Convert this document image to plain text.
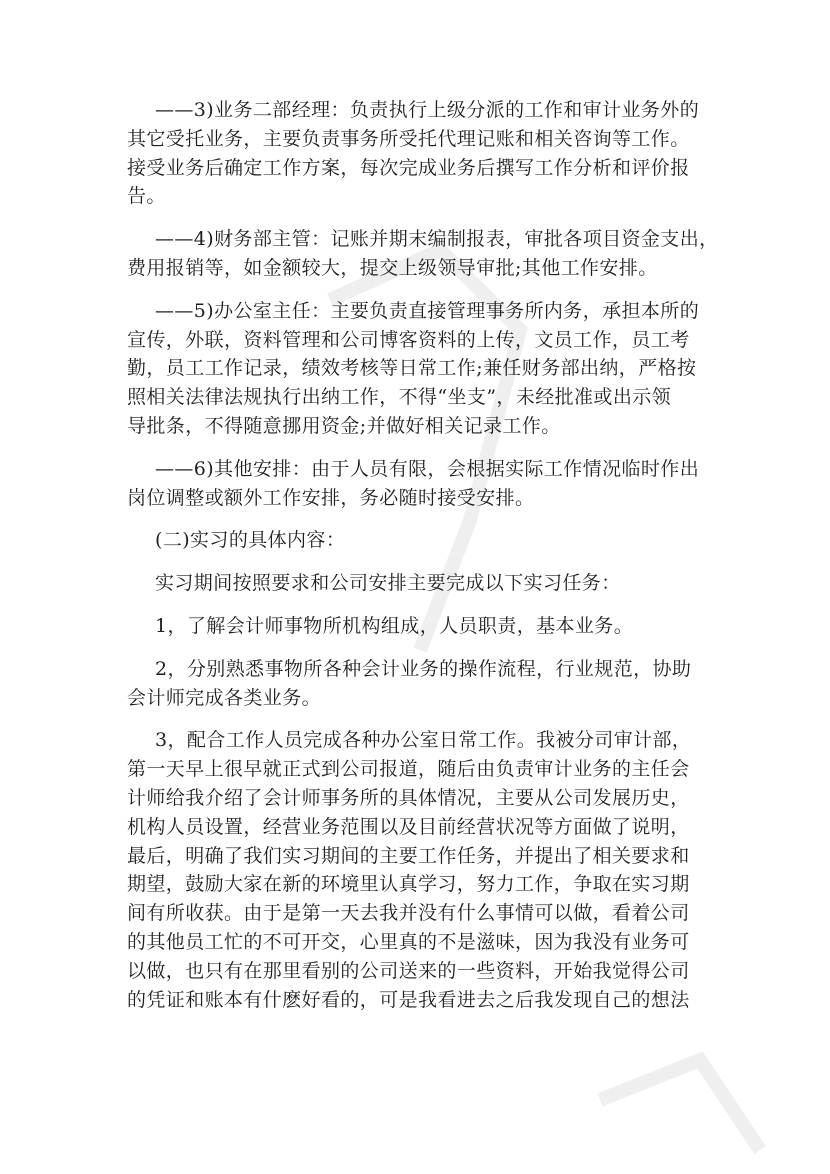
——3)业务二部经理：负责执行上级分派的工作和审计业务外的
其它受托业务，主要负责事务所受托代理记账和相关咨询等工作。
接受业务后确定工作方案，每次完成业务后撰写工作分析和评价报
告。
——4)财务部主管：记账并期末编制报表，审批各项目资金支出，
费用报销等，如金额较大，提交上级领导审批;其他工作安排。
——5)办公室主任：主要负责直接管理事务所内务，承担本所的
宣传，外联，资料管理和公司博客资料的上传，文员工作，员工考
勤，员工工作记录，绩效考核等日常工作;兼任财务部出纳，严格按
照相关法律法规执行出纳工作，不得“坐支”，未经批准或出示领
导批条，不得随意挪用资金;并做好相关记录工作。
——6)其他安排：由于人员有限，会根据实际工作情况临时作出
岗位调整或额外工作安排，务必随时接受安排。
(二)实习的具体内容：
实习期间按照要求和公司安排主要完成以下实习任务：
1，了解会计师事物所机构组成，人员职责，基本业务。
2，分别熟悉事物所各种会计业务的操作流程，行业规范，协助
会计师完成各类业务。
3，配合工作人员完成各种办公室日常工作。我被分司审计部，
第一天早上很早就正式到公司报道，随后由负责审计业务的主任会
计师给我介绍了会计师事务所的具体情况，主要从公司发展历史，
机构人员设置，经营业务范围以及目前经营状况等方面做了说明，
最后，明确了我们实习期间的主要工作任务，并提出了相关要求和
期望，鼓励大家在新的环境里认真学习，努力工作，争取在实习期
间有所收获。由于是第一天去我并没有什么事情可以做，看着公司
的其他员工忙的不可开交，心里真的不是滋味，因为我没有业务可
以做，也只有在那里看别的公司送来的一些资料，开始我觉得公司
的凭证和账本有什麽好看的，可是我看进去之后我发现自己的想法
